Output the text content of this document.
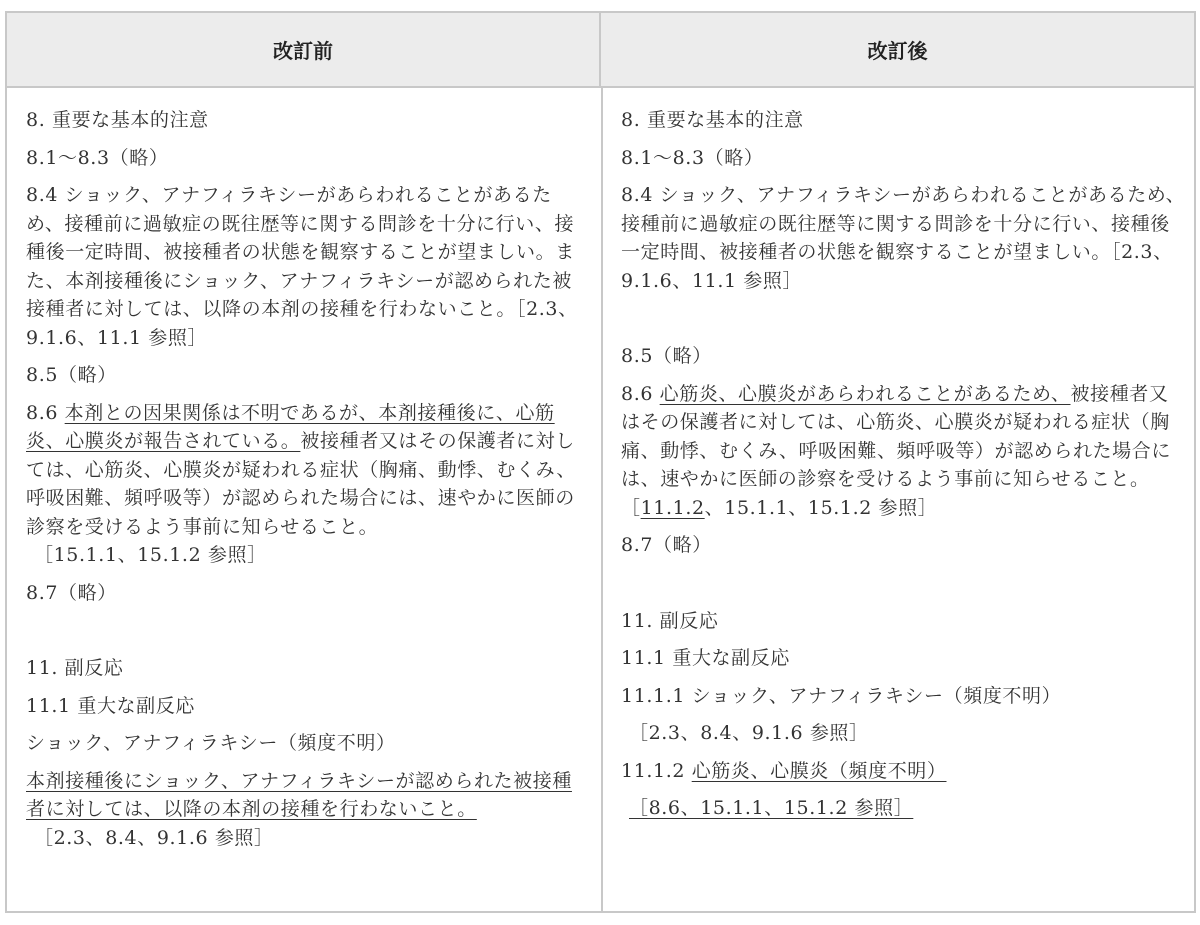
改訂前	改訂後

8. 重要な基本的注意

8.1～8.3（略）

8.4 ショック、アナフィラキシーがあらわれることがあるため、接種前に過敏症の既往歴等に関する問診を十分に行い、接種後一定時間、被接種者の状態を観察することが望ましい。また、本剤接種後にショック、アナフィラキシーが認められた被接種者に対しては、以降の本剤の接種を行わないこと。［2.3、9.1.6、11.1 参照］

8.5（略）

8.6 本剤との因果関係は不明であるが、本剤接種後に、心筋炎、心膜炎が報告されている。被接種者又はその保護者に対しては、心筋炎、心膜炎が疑われる症状（胸痛、動悸、むくみ、呼吸困難、頻呼吸等）が認められた場合には、速やかに医師の診察を受けるよう事前に知らせること。
［15.1.1、15.1.2 参照］

8.7（略）

11. 副反応

11.1 重大な副反応

ショック、アナフィラキシー（頻度不明）

本剤接種後にショック、アナフィラキシーが認められた被接種者に対しては、以降の本剤の接種を行わないこと。
［2.3、8.4、9.1.6 参照］

8. 重要な基本的注意

8.1～8.3（略）

8.4 ショック、アナフィラキシーがあらわれることがあるため、接種前に過敏症の既往歴等に関する問診を十分に行い、接種後一定時間、被接種者の状態を観察することが望ましい。［2.3、9.1.6、11.1 参照］

8.5（略）

8.6 心筋炎、心膜炎があらわれることがあるため、被接種者又はその保護者に対しては、心筋炎、心膜炎が疑われる症状（胸痛、動悸、むくみ、呼吸困難、頻呼吸等）が認められた場合には、速やかに医師の診察を受けるよう事前に知らせること。［11.1.2、15.1.1、15.1.2 参照］

8.7（略）

11. 副反応

11.1 重大な副反応

11.1.1 ショック、アナフィラキシー（頻度不明）

［2.3、8.4、9.1.6 参照］

11.1.2 心筋炎、心膜炎（頻度不明）

［8.6、15.1.1、15.1.2 参照］
